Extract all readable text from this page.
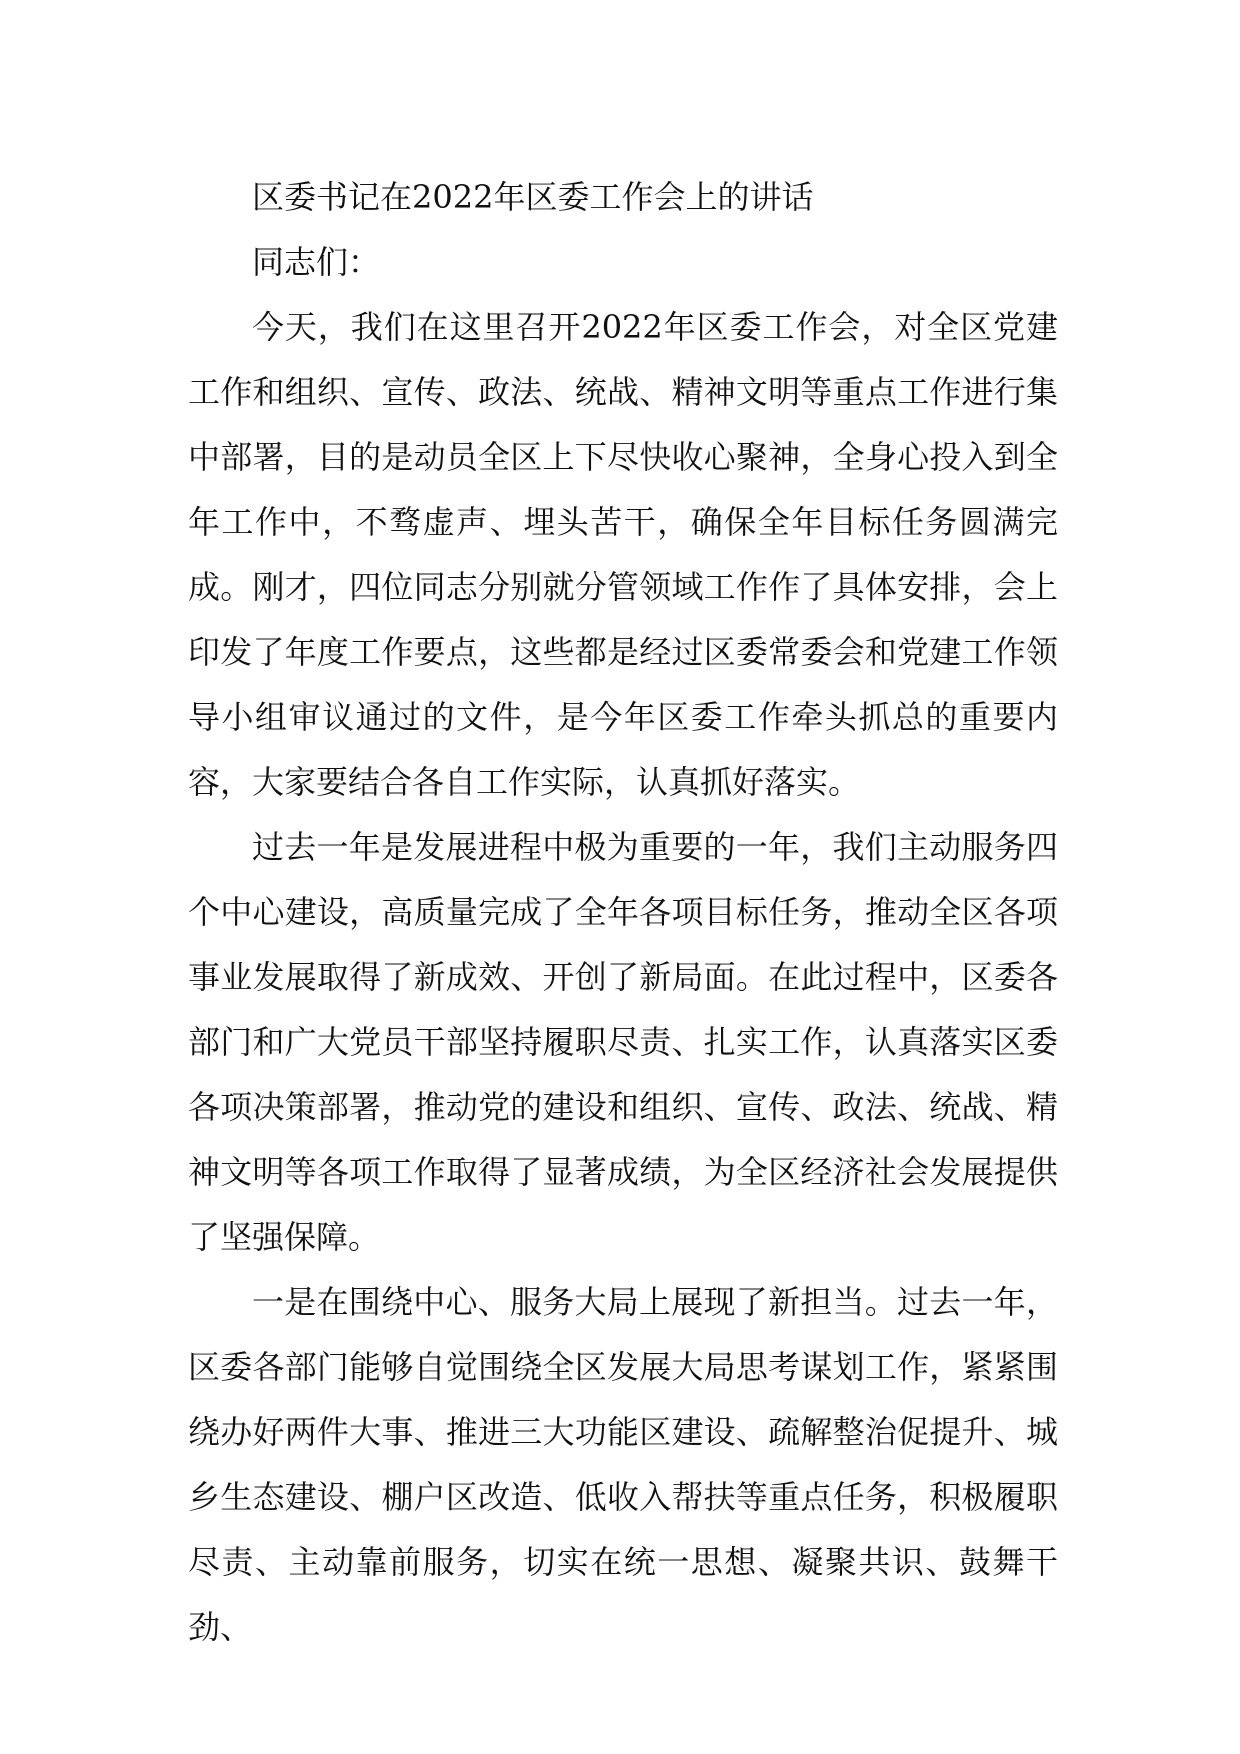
区委书记在2022年区委工作会上的讲话

同志们：

今天，我们在这里召开2022年区委工作会，对全区党建工作和组织、宣传、政法、统战、精神文明等重点工作进行集中部署，目的是动员全区上下尽快收心聚神，全身心投入到全年工作中，不骛虚声、埋头苦干，确保全年目标任务圆满完成。刚才，四位同志分别就分管领域工作作了具体安排，会上印发了年度工作要点，这些都是经过区委常委会和党建工作领导小组审议通过的文件，是今年区委工作牵头抓总的重要内容，大家要结合各自工作实际，认真抓好落实。

过去一年是发展进程中极为重要的一年，我们主动服务四个中心建设，高质量完成了全年各项目标任务，推动全区各项事业发展取得了新成效、开创了新局面。在此过程中，区委各部门和广大党员干部坚持履职尽责、扎实工作，认真落实区委各项决策部署，推动党的建设和组织、宣传、政法、统战、精神文明等各项工作取得了显著成绩，为全区经济社会发展提供了坚强保障。

一是在围绕中心、服务大局上展现了新担当。过去一年，区委各部门能够自觉围绕全区发展大局思考谋划工作，紧紧围绕办好两件大事、推进三大功能区建设、疏解整治促提升、城乡生态建设、棚户区改造、低收入帮扶等重点任务，积极履职尽责、主动靠前服务，切实在统一思想、凝聚共识、鼓舞干劲、
